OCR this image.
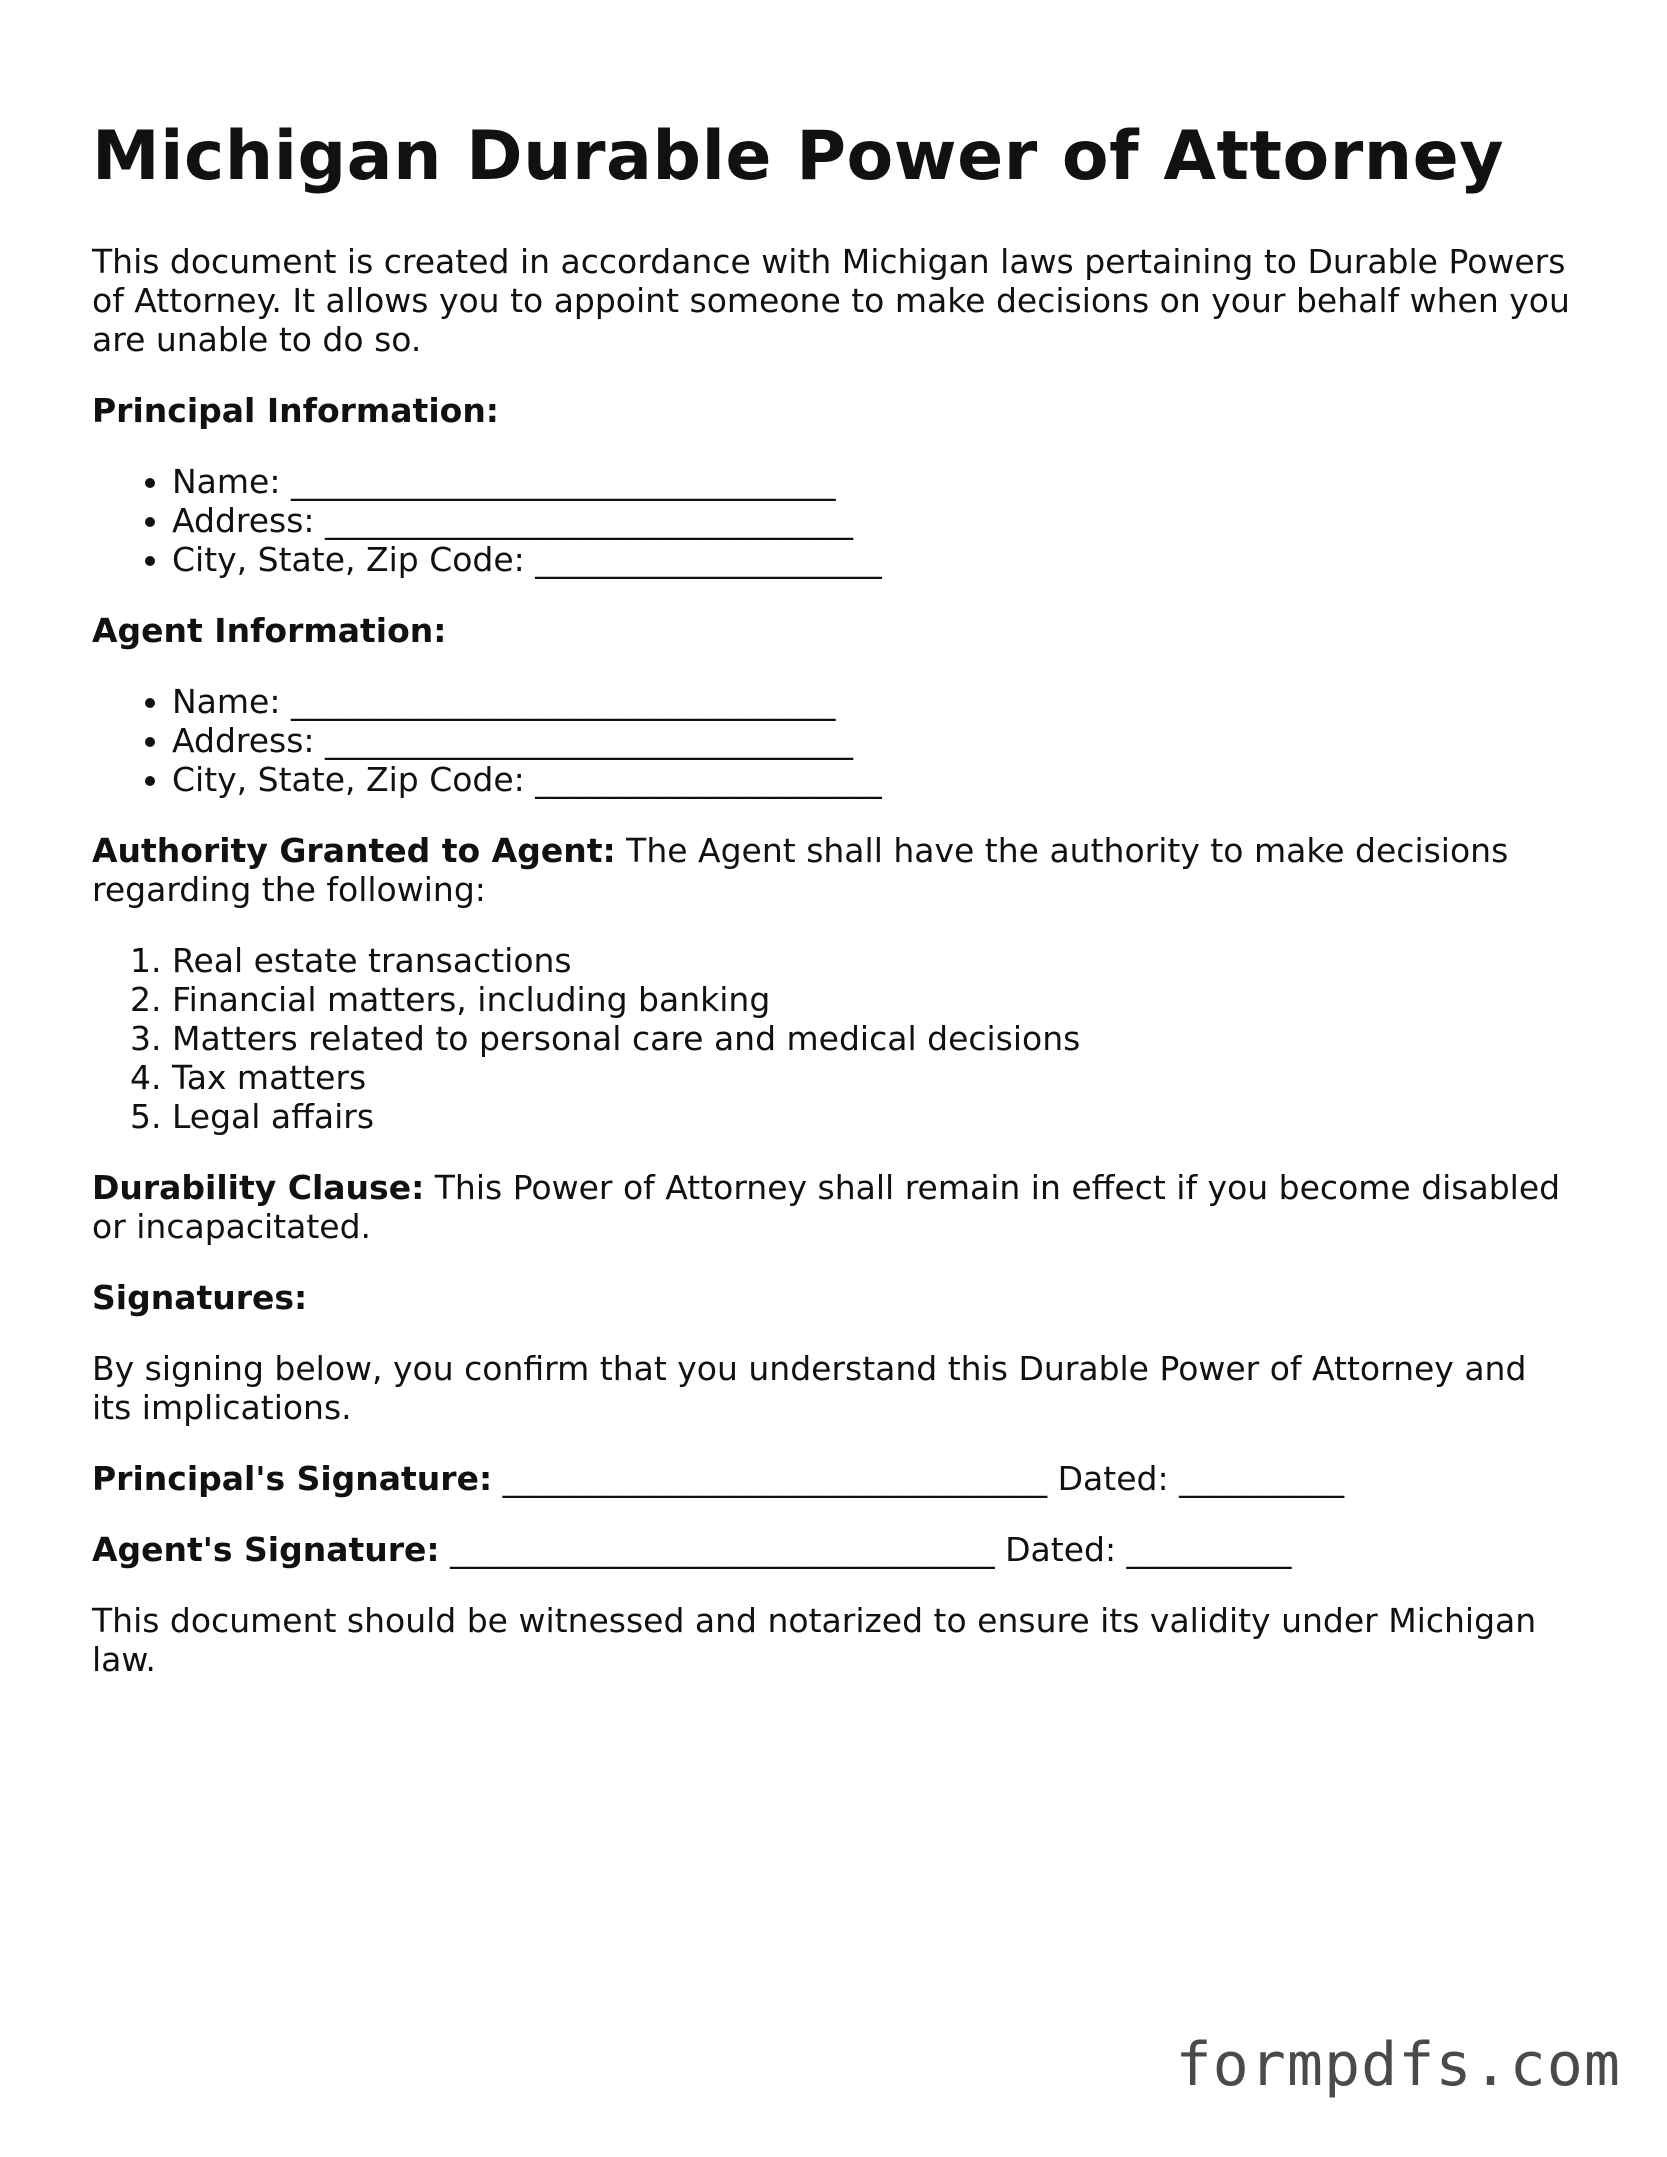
Michigan Durable Power of Attorney

This document is created in accordance with Michigan laws pertaining to Durable Powers of Attorney. It allows you to appoint someone to make decisions on your behalf when you are unable to do so.

Principal Information:

• Name: _________________________________
• Address: ________________________________
• City, State, Zip Code: _____________________

Agent Information:

• Name: _________________________________
• Address: ________________________________
• City, State, Zip Code: _____________________

Authority Granted to Agent: The Agent shall have the authority to make decisions regarding the following:

1. Real estate transactions
2. Financial matters, including banking
3. Matters related to personal care and medical decisions
4. Tax matters
5. Legal affairs

Durability Clause: This Power of Attorney shall remain in effect if you become disabled or incapacitated.

Signatures:

By signing below, you confirm that you understand this Durable Power of Attorney and its implications.

Principal's Signature: _________________________________ Dated: __________

Agent's Signature: _________________________________ Dated: __________

This document should be witnessed and notarized to ensure its validity under Michigan law.

formpdfs.com
